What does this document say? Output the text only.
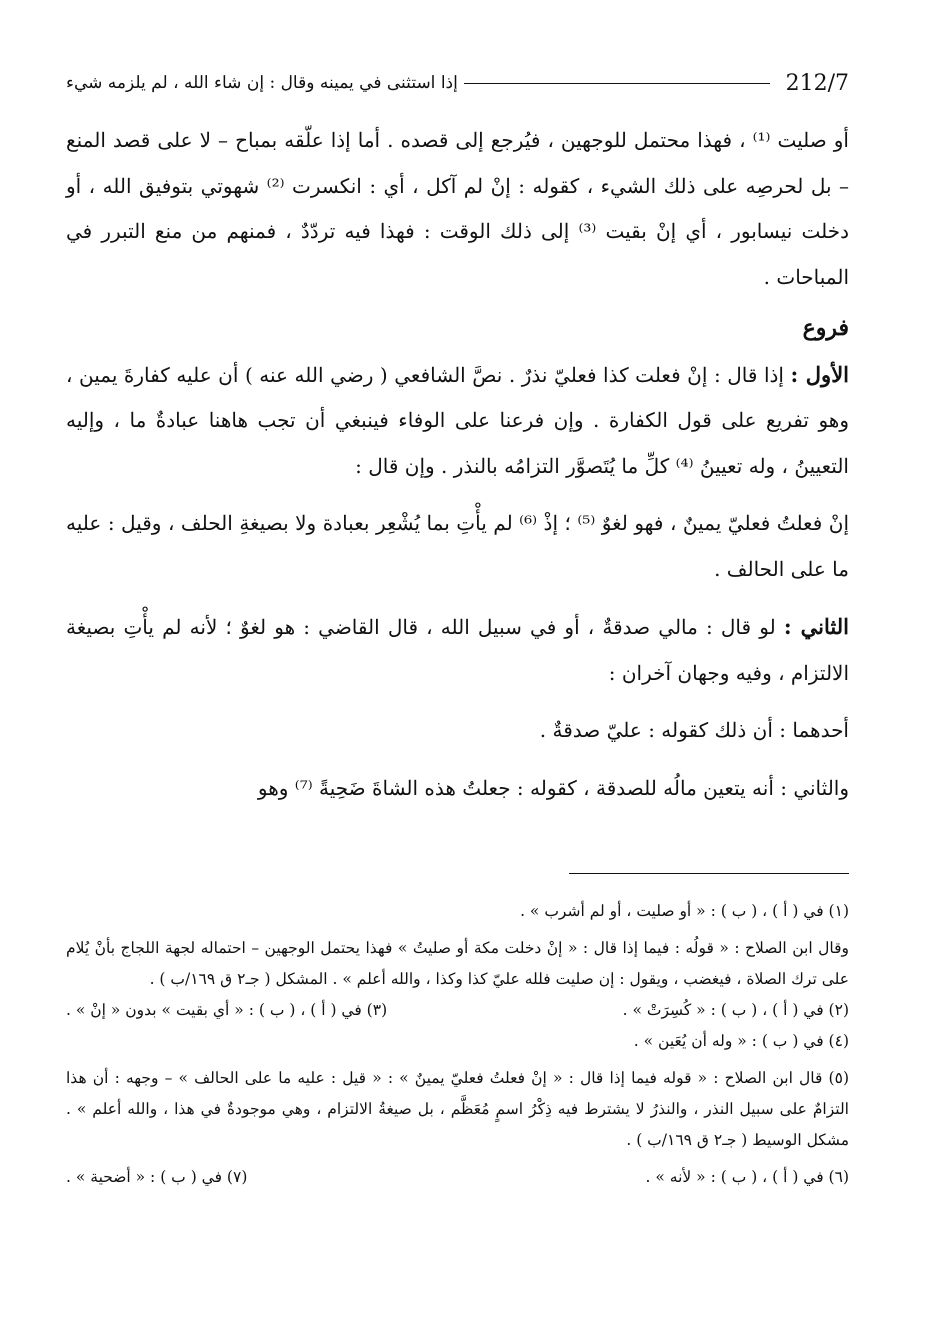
212/7
إذا استثنى في يمينه وقال : إن شاء الله ، لم يلزمه شيء

أو صليت ⁽¹⁾ ، فهذا محتمل للوجهين ، فيُرجع إلى قصده . أما إذا علّقه بمباح – لا على قصد المنع – بل لحرصِه على ذلك الشيء ، كقوله : إنْ لم آكل ، أي : انكسرت ⁽²⁾ شهوتي بتوفيق الله ، أو دخلت نيسابور ، أي إنْ بقيت ⁽³⁾ إلى ذلك الوقت : فهذا فيه تردّدٌ ، فمنهم من منع التبرر في المباحات .

فروع

الأول : إذا قال : إنْ فعلت كذا فعليّ نذرٌ . نصَّ الشافعي ( رضي الله عنه ) أن عليه كفارةَ يمين ، وهو تفريع على قول الكفارة . وإن فرعنا على الوفاء فينبغي أن تجب هاهنا عبادةٌ ما ، وإليه التعيينُ ، وله تعيينُ ⁽⁴⁾ كلِّ ما يُتَصوَّر التزامُه بالنذر . وإن قال :

إنْ فعلتُ فعليّ يمينٌ ، فهو لغوٌ ⁽⁵⁾ ؛ إذْ ⁽⁶⁾ لم يأْتِ بما يُشْعِر بعبادة ولا بصيغةِ الحلف ، وقيل : عليه ما على الحالف .

الثاني : لو قال : مالي صدقةٌ ، أو في سبيل الله ، قال القاضي : هو لغوٌ ؛ لأنه لم يأْتِ بصيغة الالتزام ، وفيه وجهان آخران :

أحدهما : أن ذلك كقوله : عليّ صدقةٌ .

والثاني : أنه يتعين مالُه للصدقة ، كقوله : جعلتُ هذه الشاةَ ضَحِيةً ⁽⁷⁾ وهو

(١) في ( أ ) ، ( ب ) : « أو صليت ، أو لم أشرب » .

وقال ابن الصلاح : « قولُه : فيما إذا قال : « إنْ دخلت مكة أو صليتُ » فهذا يحتمل الوجهين – احتماله لجهة اللجاج بأنْ يُلام على ترك الصلاة ، فيغضب ، ويقول : إن صليت فلله عليّ كذا وكذا ، والله أعلم » . المشكل ( جـ٢ ق ١٦٩/ب ) .

(٢) في ( أ ) ، ( ب ) : « كُسِرَتْ » .
(٣) في ( أ ) ، ( ب ) : « أي بقيت » بدون « إنْ » .

(٤) في ( ب ) : « وله أن يُعَين » .

(٥) قال ابن الصلاح : « قوله فيما إذا قال : « إنْ فعلتُ فعليّ يمينٌ » : « قيل : عليه ما على الحالف » – وجهه : أن هذا التزامٌ على سبيل النذر ، والنذرُ لا يشترط فيه ذِكْرُ اسمٍ مُعَظَّم ، بل صيغةُ الالتزام ، وهي موجودةٌ في هذا ، والله أعلم » . مشكل الوسيط ( جـ٢ ق ١٦٩/ب ) .

(٦) في ( أ ) ، ( ب ) : « لأنه » .
(٧) في ( ب ) : « أضحية » .
